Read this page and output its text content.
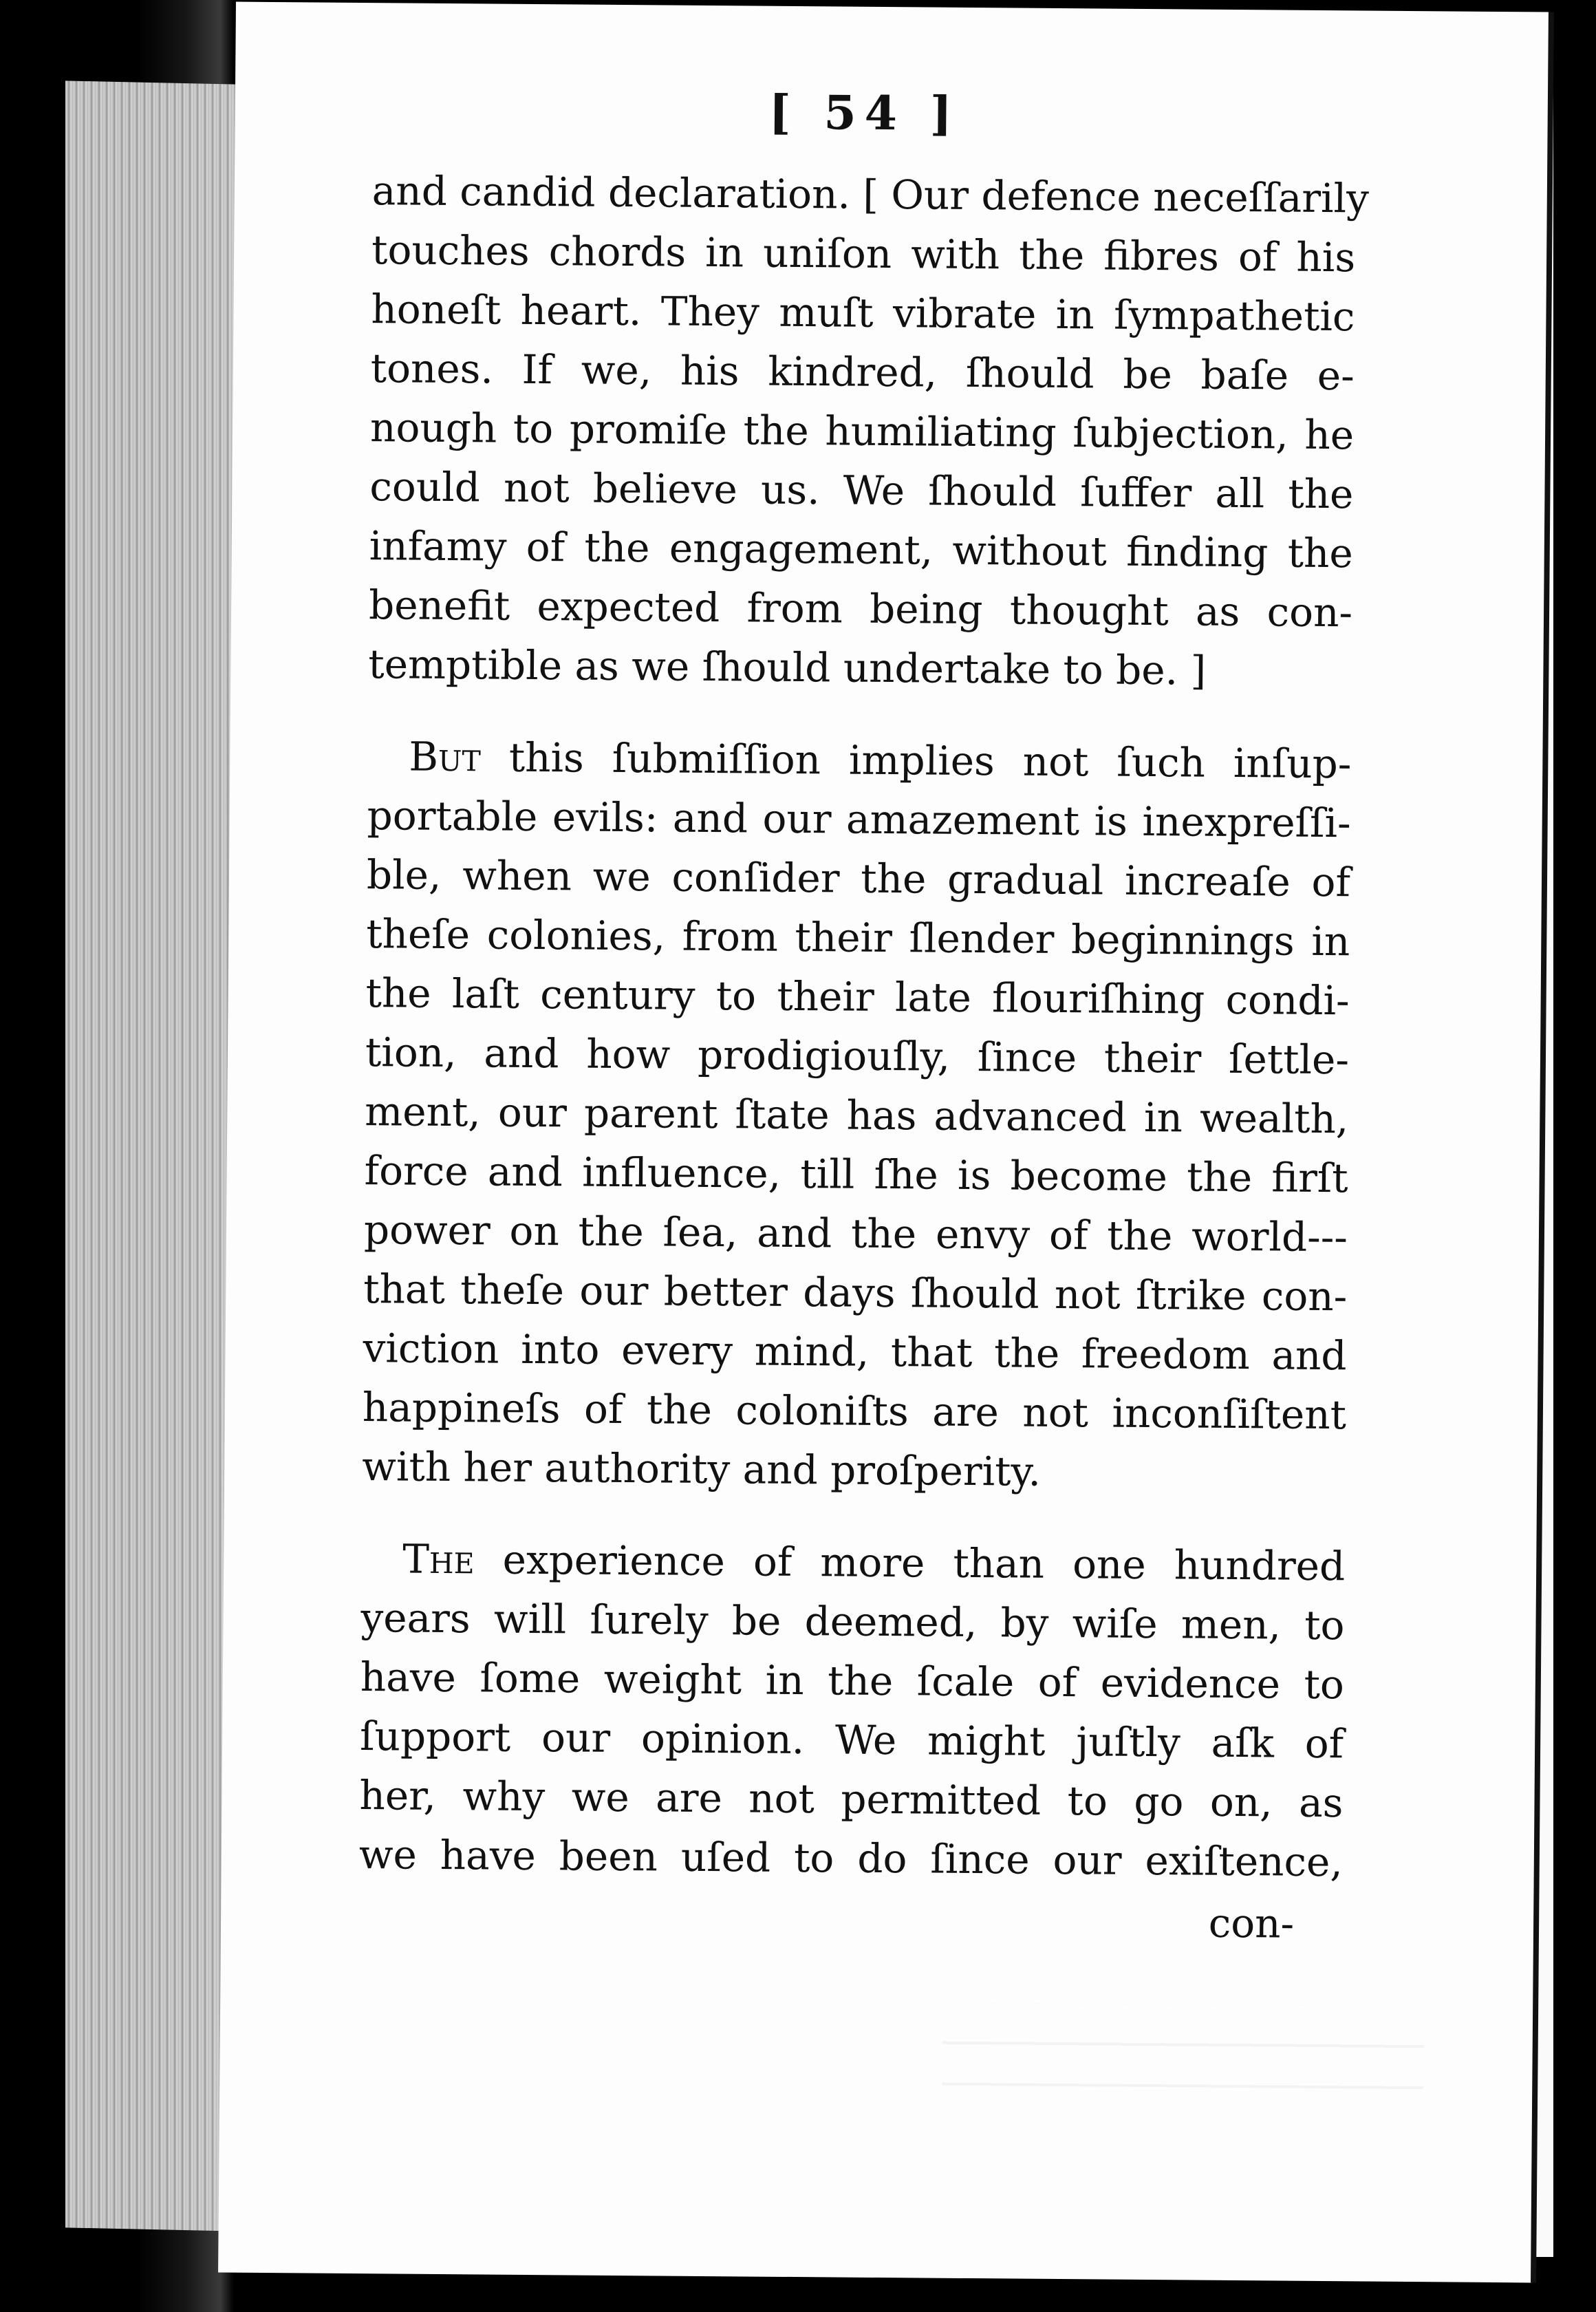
[ 54 ]
and candid declaration. [ Our defence neceſſarily
touches chords in uniſon with the fibres of his
honeſt heart. They muſt vibrate in ſympathetic
tones. If we, his kindred, ſhould be baſe e-
nough to promiſe the humiliating ſubjection, he
could not believe us. We ſhould ſuffer all the
infamy of the engagement, without finding the
benefit expected from being thought as con-
temptible as we ſhould undertake to be. ]
But this ſubmiſſion implies not ſuch inſup-
portable evils: and our amazement is inexpreſſi-
ble, when we conſider the gradual increaſe of
theſe colonies, from their ſlender beginnings in
the laſt century to their late flouriſhing condi-
tion, and how prodigiouſly, ſince their ſettle-
ment, our parent ſtate has advanced in wealth,
force and influence, till ſhe is become the firſt
power on the ſea, and the envy of the world---
that theſe our better days ſhould not ſtrike con-
viction into every mind, that the freedom and
happineſs of the coloniſts are not inconſiſtent
with her authority and proſperity.
The experience of more than one hundred
years will ſurely be deemed, by wiſe men, to
have ſome weight in the ſcale of evidence to
ſupport our opinion. We might juſtly aſk of
her, why we are not permitted to go on, as
we have been uſed to do ſince our exiſtence,
con-
